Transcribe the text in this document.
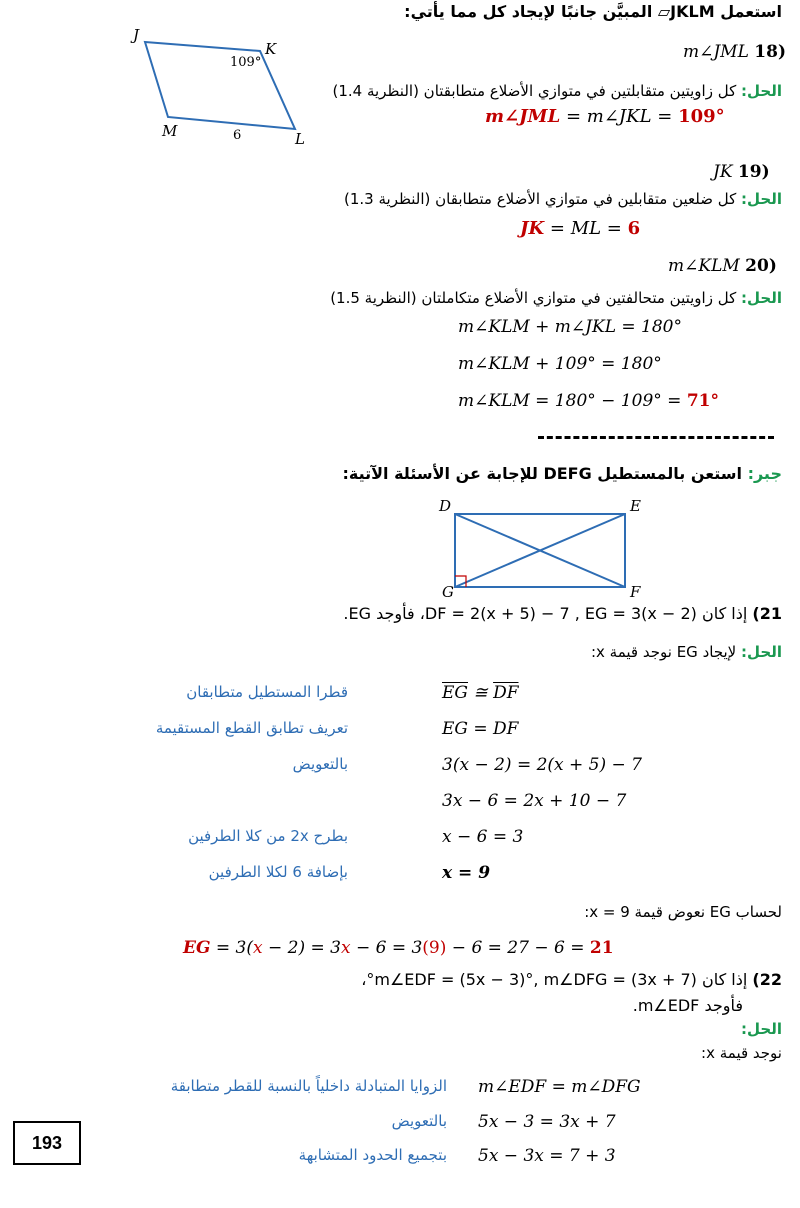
استعمل JKLM▱ المبيَّن جانبًا لإيجاد كل مما يأتي:
J
K
L
M
109°
6
m∠JML 18)
الحل: كل زاويتين متقابلتين في متوازي الأضلاع متطابقتان (النظرية 1.4)
m∠JML = m∠JKL = 109°
JK 19)
الحل: كل ضلعين متقابلين في متوازي الأضلاع متطابقان (النظرية 1.3)
JK = ML = 6
m∠KLM 20)
الحل: كل زاويتين متحالفتين في متوازي الأضلاع متكاملتان (النظرية 1.5)
m∠KLM + m∠JKL = 180°
m∠KLM + 109° = 180°
m∠KLM = 180° − 109° = 71°
جبر: استعن بالمستطيل DEFG للإجابة عن الأسئلة الآتية:
D	E
F
G
21) إذا كان DF = 2(x + 5) − 7 , EG = 3(x − 2)، فأوجد EG.
الحل: لإيجاد EG نوجد قيمة x:
$\overline{EG}$ ≅ $\overline{DF}$
قطرا المستطيل متطابقان
EG = DF
تعريف تطابق القطع المستقيمة
3(x − 2) = 2(x + 5) − 7
بالتعويض
3x − 6 = 2x + 10 − 7
x − 6 = 3
بطرح 2x من كلا الطرفين
x = 9
بإضافة 6 لكلا الطرفين
لحساب EG نعوض قيمة x = 9:
EG = 3(x − 2) = 3x − 6 = 3(9) − 6 = 27 − 6 = 21
22) إذا كان m∠EDF = (5x − 3)°, m∠DFG = (3x + 7)°،
فأوجد m∠EDF.
الحل:
نوجد قيمة x:
m∠EDF = m∠DFG
الزوايا المتبادلة داخلياً بالنسبة للقطر متطابقة
5x − 3 = 3x + 7
بالتعويض
5x − 3x = 7 + 3
بتجميع الحدود المتشابهة
193
